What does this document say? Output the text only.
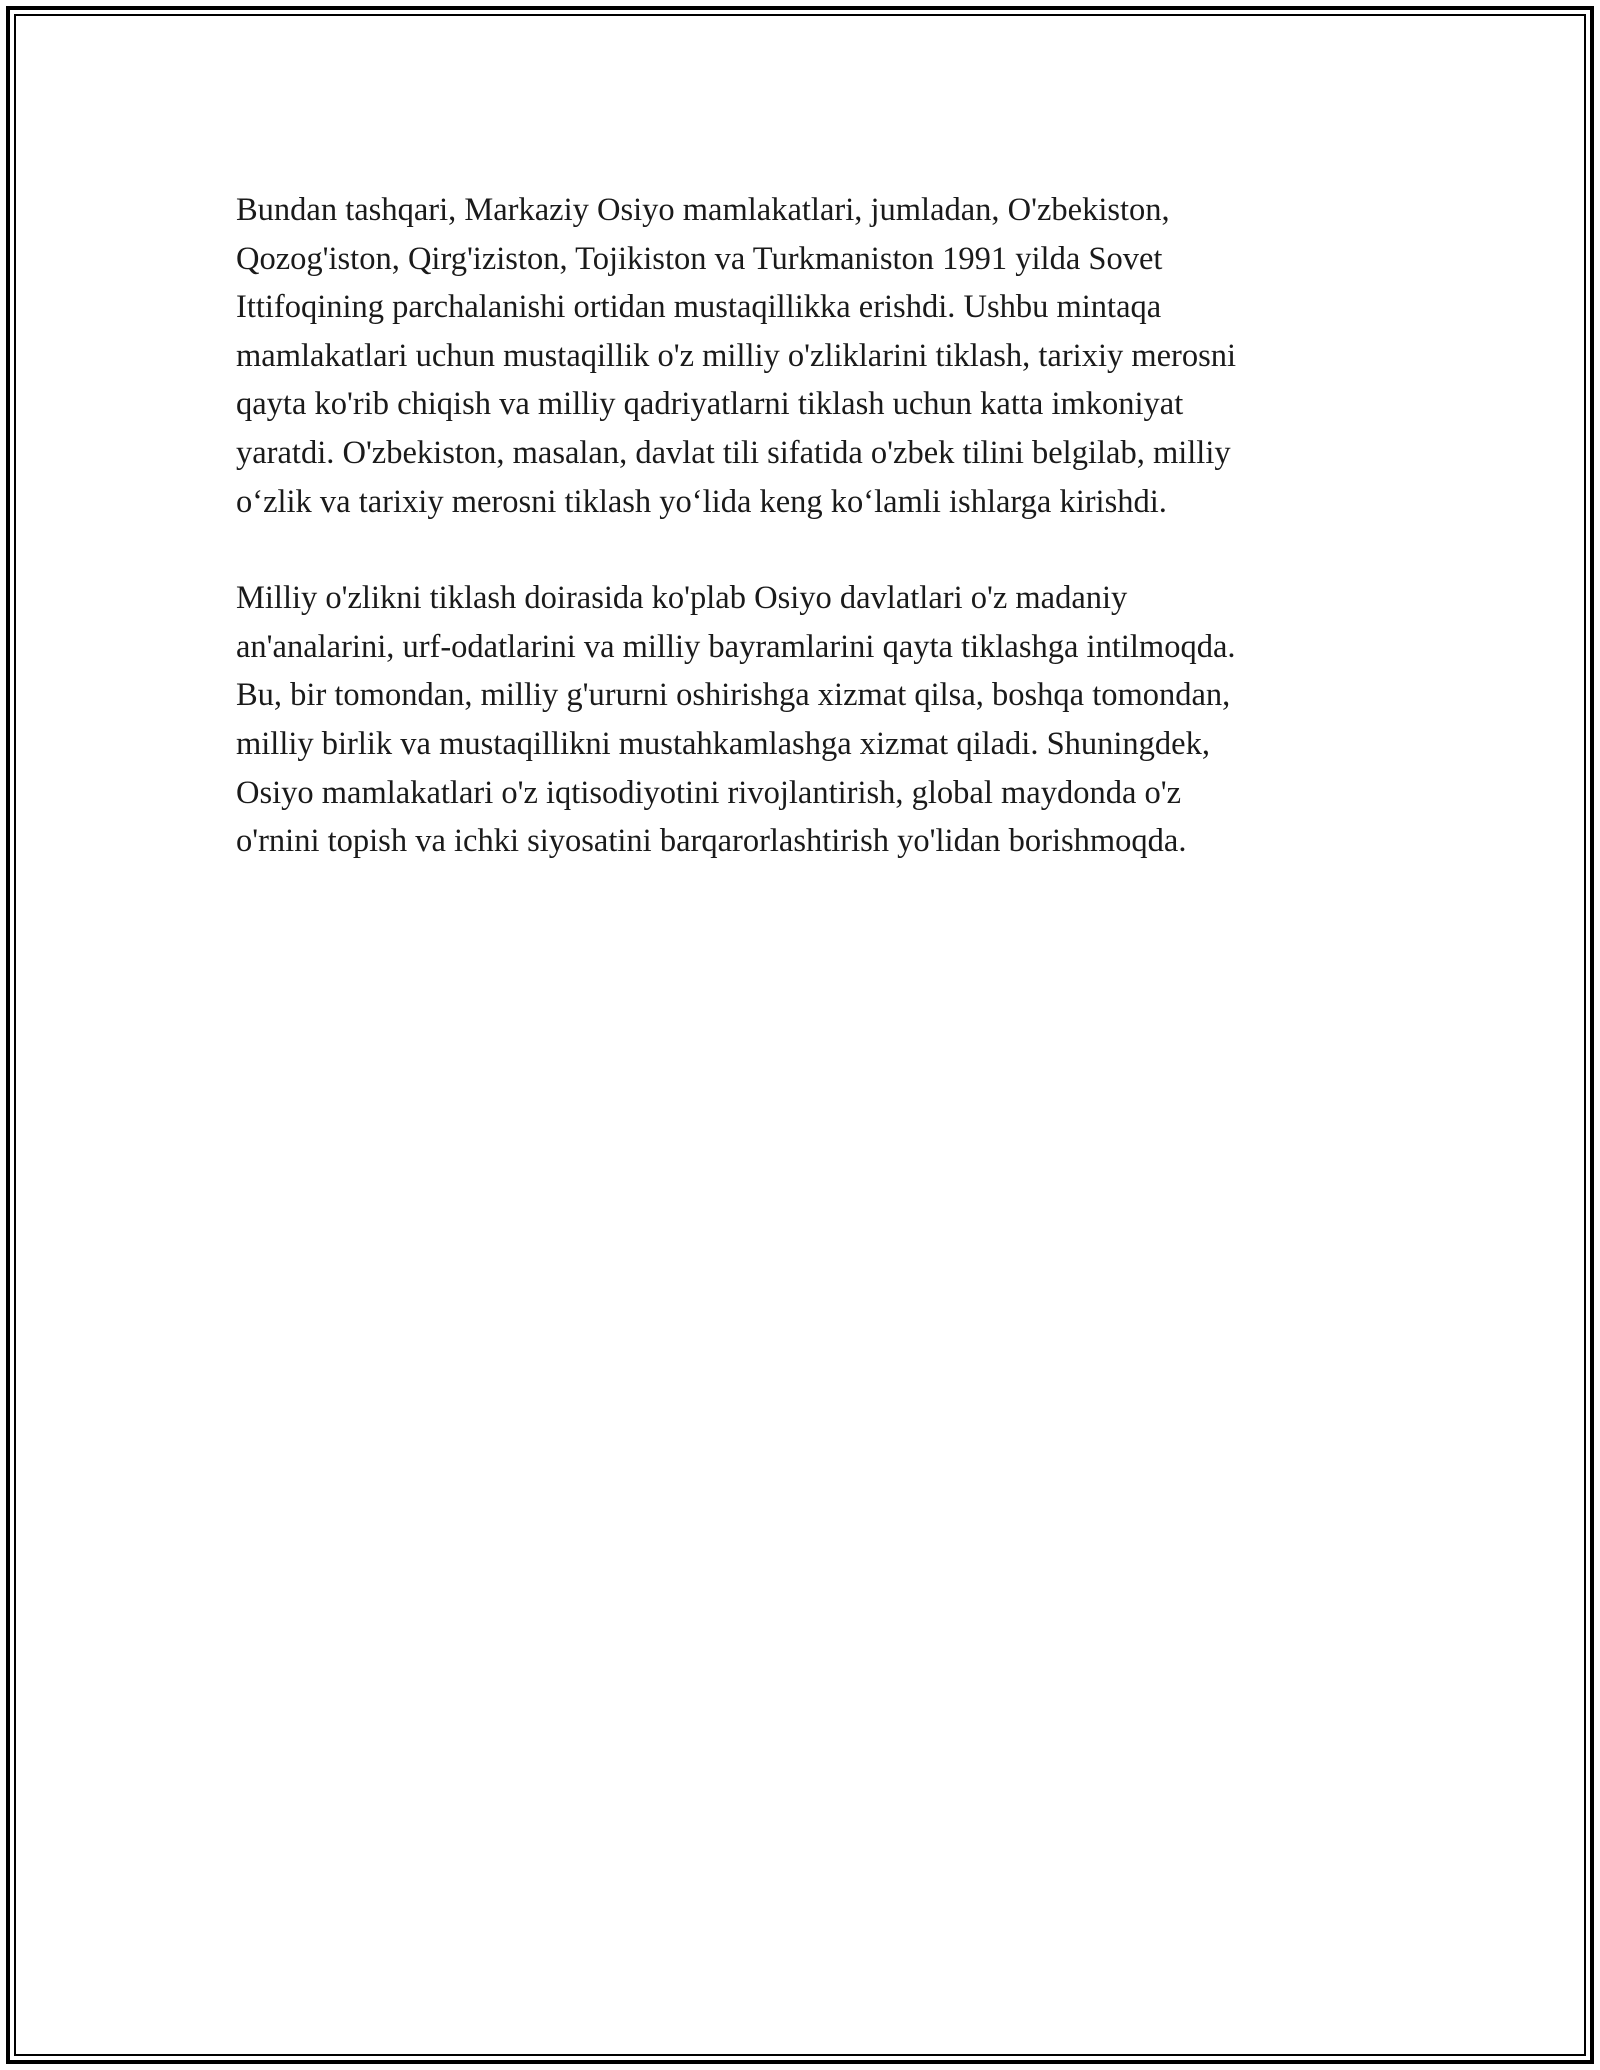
Bundan tashqari, Markaziy Osiyo mamlakatlari, jumladan, O'zbekiston,
Qozog'iston, Qirg'iziston, Tojikiston va Turkmaniston 1991 yilda Sovet
Ittifoqining parchalanishi ortidan mustaqillikka erishdi. Ushbu mintaqa
mamlakatlari uchun mustaqillik o'z milliy o'zliklarini tiklash, tarixiy merosni
qayta ko'rib chiqish va milliy qadriyatlarni tiklash uchun katta imkoniyat
yaratdi. O'zbekiston, masalan, davlat tili sifatida o'zbek tilini belgilab, milliy
o‘zlik va tarixiy merosni tiklash yo‘lida keng ko‘lamli ishlarga kirishdi.

Milliy o'zlikni tiklash doirasida ko'plab Osiyo davlatlari o'z madaniy
an'analarini, urf-odatlarini va milliy bayramlarini qayta tiklashga intilmoqda.
Bu, bir tomondan, milliy g'ururni oshirishga xizmat qilsa, boshqa tomondan,
milliy birlik va mustaqillikni mustahkamlashga xizmat qiladi. Shuningdek,
Osiyo mamlakatlari o'z iqtisodiyotini rivojlantirish, global maydonda o'z
o'rnini topish va ichki siyosatini barqarorlashtirish yo'lidan borishmoqda.
